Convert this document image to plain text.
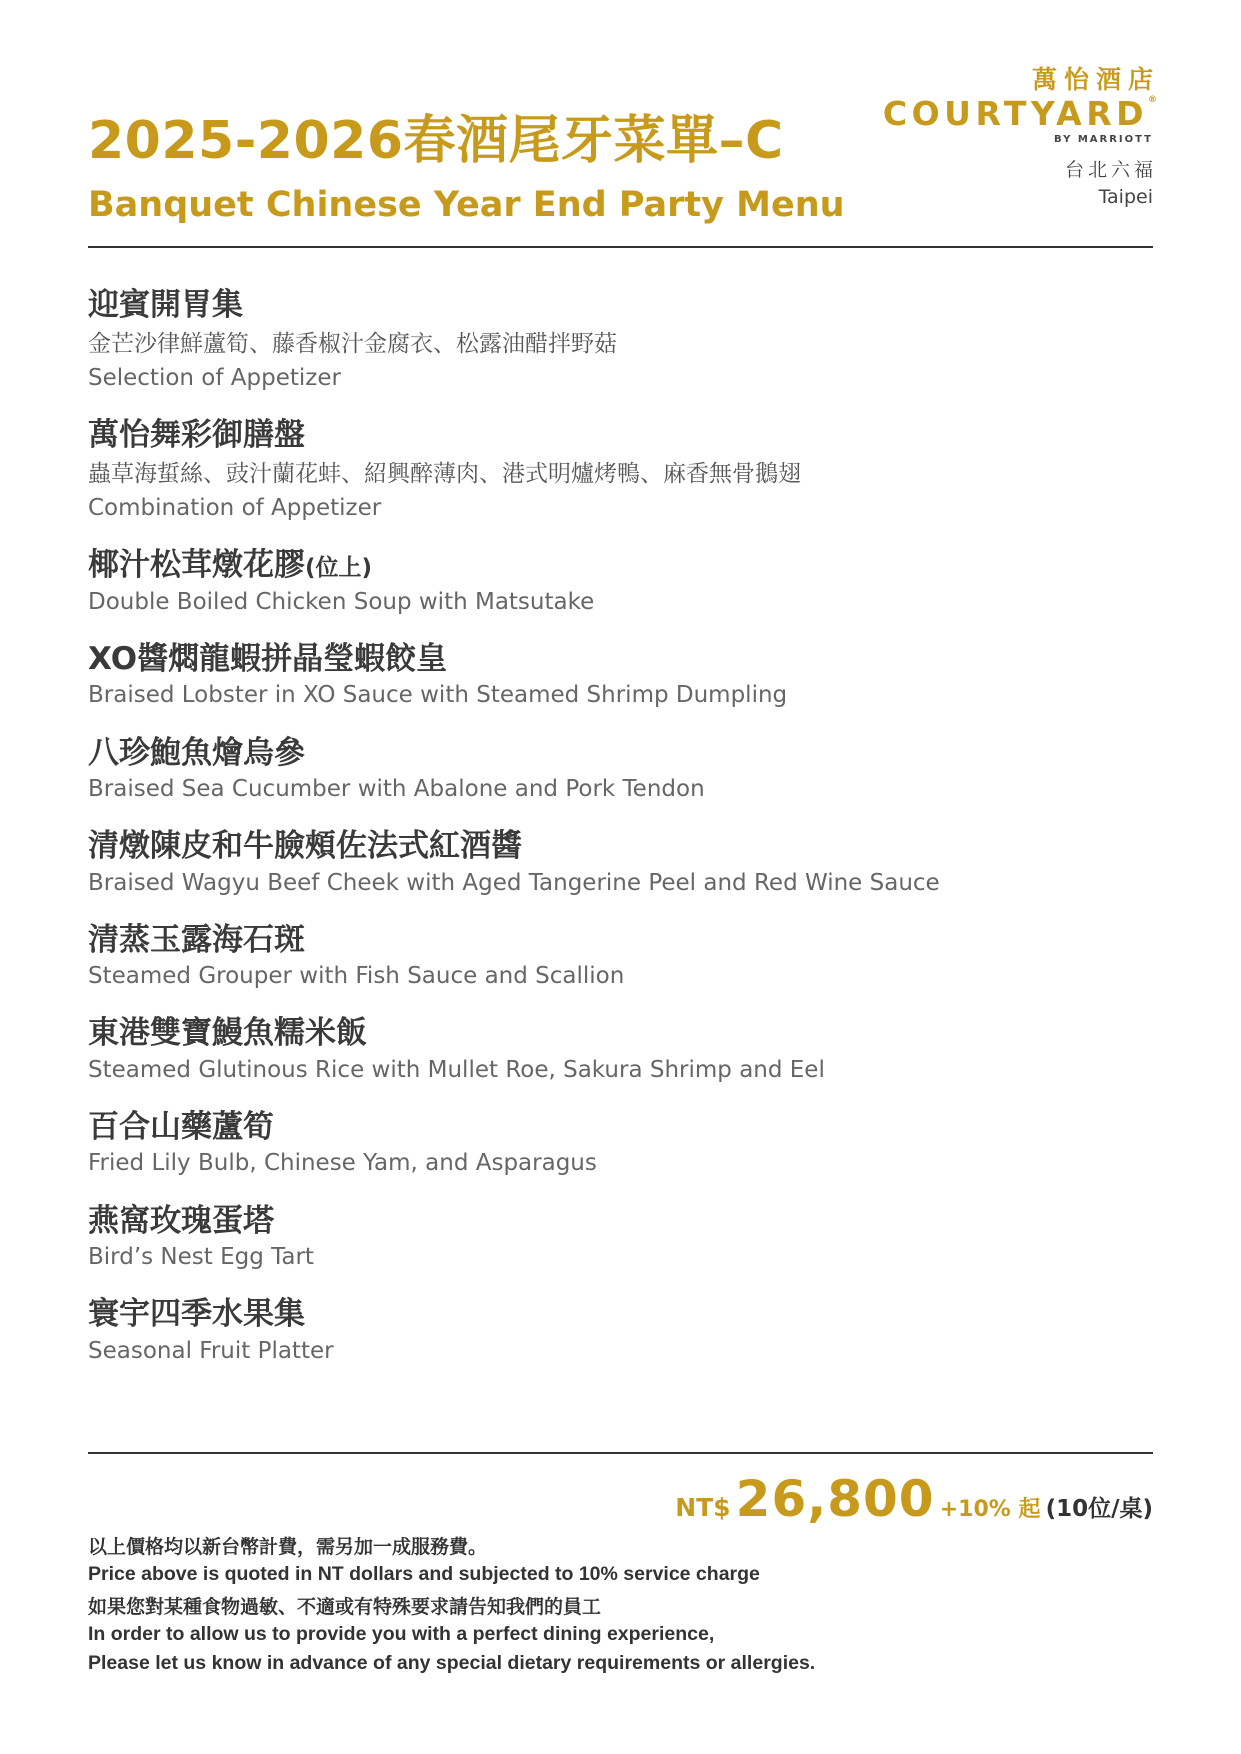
2025-2026春酒尾牙菜單–C
Banquet Chinese Year End Party Menu
萬怡酒店
COURTYARD®
BY MARRIOTT
台北六福
Taipei
迎賓開胃集
金芒沙律鮮蘆筍、藤香椒汁金腐衣、松露油醋拌野菇
Selection of Appetizer
萬怡舞彩御膳盤
蟲草海蜇絲、豉汁蘭花蚌、紹興醉薄肉、港式明爐烤鴨、麻香無骨鵝翅
Combination of Appetizer
椰汁松茸燉花膠(位上)
Double Boiled Chicken Soup with Matsutake
XO醬燜龍蝦拼晶瑩蝦餃皇
Braised Lobster in XO Sauce with Steamed Shrimp Dumpling
八珍鮑魚燴烏參
Braised Sea Cucumber with Abalone and Pork Tendon
清燉陳皮和牛臉頰佐法式紅酒醬
Braised Wagyu Beef Cheek with Aged Tangerine Peel and Red Wine Sauce
清蒸玉露海石斑
Steamed Grouper with Fish Sauce and Scallion
東港雙寶鰻魚糯米飯
Steamed Glutinous Rice with Mullet Roe, Sakura Shrimp and Eel
百合山藥蘆筍
Fried Lily Bulb, Chinese Yam, and Asparagus
燕窩玫瑰蛋塔
Bird’s Nest Egg Tart
寰宇四季水果集
Seasonal Fruit Platter
NT$ 26,800 +10% 起 (10位/桌)
以上價格均以新台幣計費，需另加一成服務費。
Price above is quoted in NT dollars and subjected to 10% service charge
如果您對某種食物過敏、不適或有特殊要求請告知我們的員工
In order to allow us to provide you with a perfect dining experience,
Please let us know in advance of any special dietary requirements or allergies.
